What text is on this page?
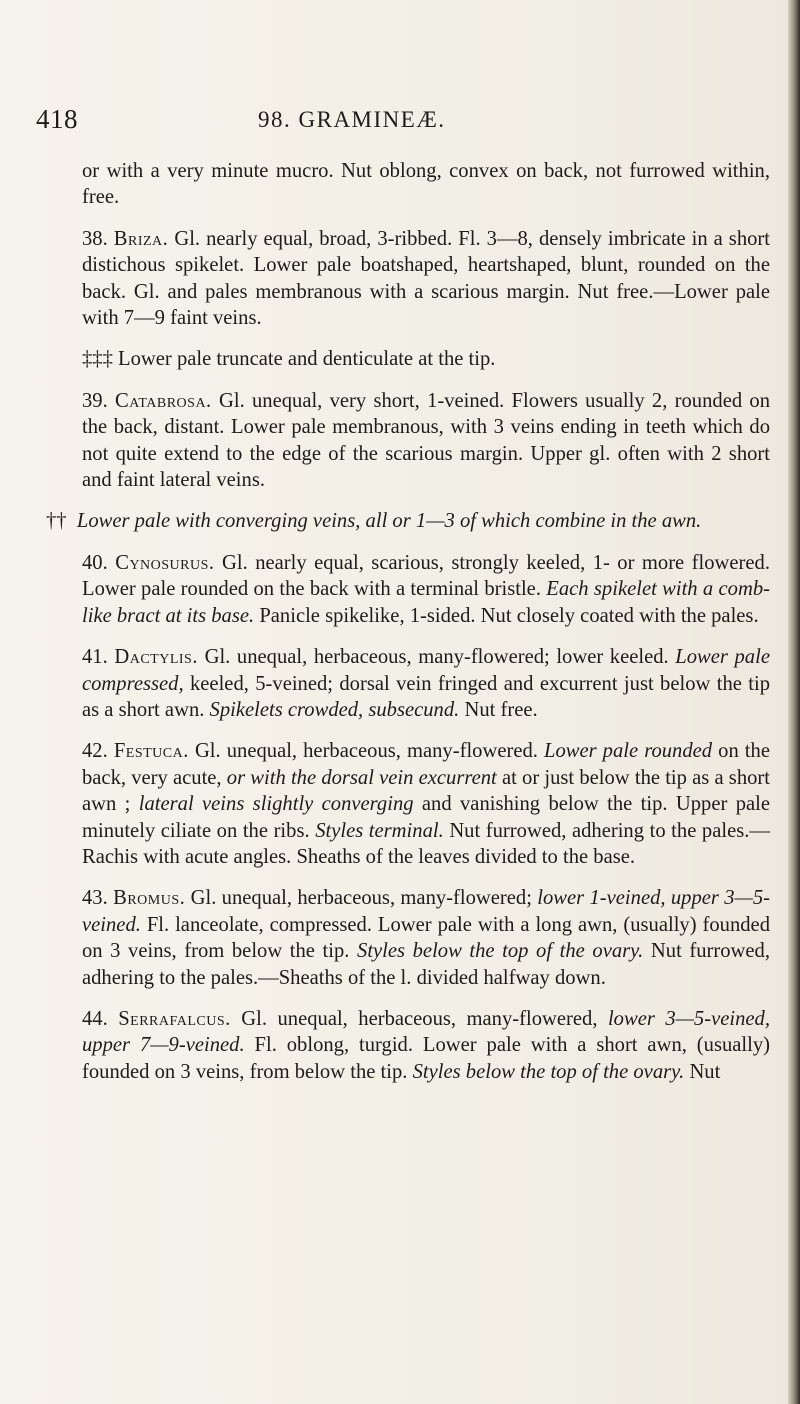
418	98. GRAMINEÆ.

or with a very minute mucro. Nut oblong, convex on back, not furrowed within, free.

38. Briza. Gl. nearly equal, broad, 3-ribbed. Fl. 3—8, densely imbricate in a short distichous spikelet. Lower pale boatshaped, heartshaped, blunt, rounded on the back. Gl. and pales membranous with a scarious margin. Nut free.—Lower pale with 7—9 faint veins.

‡‡‡ Lower pale truncate and denticulate at the tip.

39. Catabrosa. Gl. unequal, very short, 1-veined. Flowers usually 2, rounded on the back, distant. Lower pale membranous, with 3 veins ending in teeth which do not quite extend to the edge of the scarious margin. Upper gl. often with 2 short and faint lateral veins.

†† Lower pale with converging veins, all or 1—3 of which combine in the awn.

40. Cynosurus. Gl. nearly equal, scarious, strongly keeled, 1- or more flowered. Lower pale rounded on the back with a terminal bristle. Each spikelet with a comb-like bract at its base. Panicle spikelike, 1-sided. Nut closely coated with the pales.

41. Dactylis. Gl. unequal, herbaceous, many-flowered; lower keeled. Lower pale compressed, keeled, 5-veined; dorsal vein fringed and excurrent just below the tip as a short awn. Spikelets crowded, subsecund. Nut free.

42. Festuca. Gl. unequal, herbaceous, many-flowered. Lower pale rounded on the back, very acute, or with the dorsal vein excurrent at or just below the tip as a short awn ; lateral veins slightly converging and vanishing below the tip. Upper pale minutely ciliate on the ribs. Styles terminal. Nut furrowed, adhering to the pales.—Rachis with acute angles. Sheaths of the leaves divided to the base.

43. Bromus. Gl. unequal, herbaceous, many-flowered; lower 1-veined, upper 3—5-veined. Fl. lanceolate, compressed. Lower pale with a long awn, (usually) founded on 3 veins, from below the tip. Styles below the top of the ovary. Nut furrowed, adhering to the pales.—Sheaths of the l. divided halfway down.

44. Serrafalcus. Gl. unequal, herbaceous, many-flowered, lower 3—5-veined, upper 7—9-veined. Fl. oblong, turgid. Lower pale with a short awn, (usually) founded on 3 veins, from below the tip. Styles below the top of the ovary. Nut
